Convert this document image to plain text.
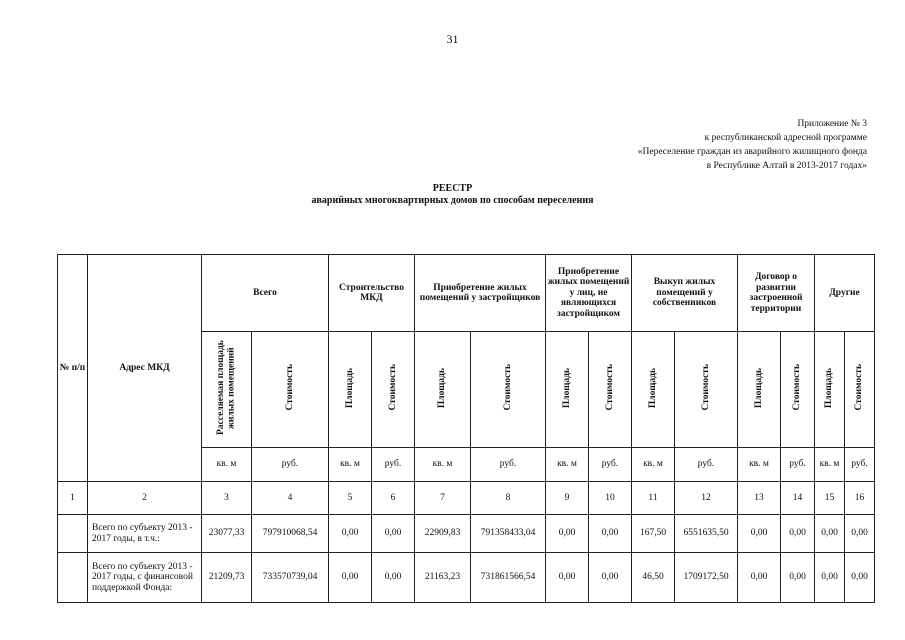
31
Приложение № 3
к республиканской адресной программе
«Переселение граждан из аварийного жилищного фонда
в Республике Алтай в 2013-2017 годах»
РЕЕСТР
аварийных многоквартирных домов по способам переселения
№ п/п	Адрес МКД	Всего		Строительство МКД		Приобретение жилых помещений у застройщиков		Приобретение жилых помещений у лиц, не являющихся застройщиком		Выкуп жилых помещений у собственников		Договор о развитии застроенной территории		Другие	
		Расселяемая площадь жилых помещений	Стоимость	Площадь	Стоимость	Площадь	Стоимость	Площадь	Стоимость	Площадь	Стоимость	Площадь	Стоимость	Площадь	Стоимость
		кв. м	руб.	кв. м	руб.	кв. м	руб.	кв. м	руб.	кв. м	руб.	кв. м	руб.	кв. м	руб.
1	2	3	4	5	6	7	8	9	10	11	12	13	14	15	16
	Всего по субъекту 2013 - 2017 годы, в т.ч.:	23077,33	797910068,54	0,00	0,00	22909,83	791358433,04	0,00	0,00	167,50	6551635,50	0,00	0,00	0,00	0,00
	Всего по субъекту 2013 - 2017 годы, с финансовой поддержкой Фонда:	21209,73	733570739,04	0,00	0,00	21163,23	731861566,54	0,00	0,00	46,50	1709172,50	0,00	0,00	0,00	0,00
